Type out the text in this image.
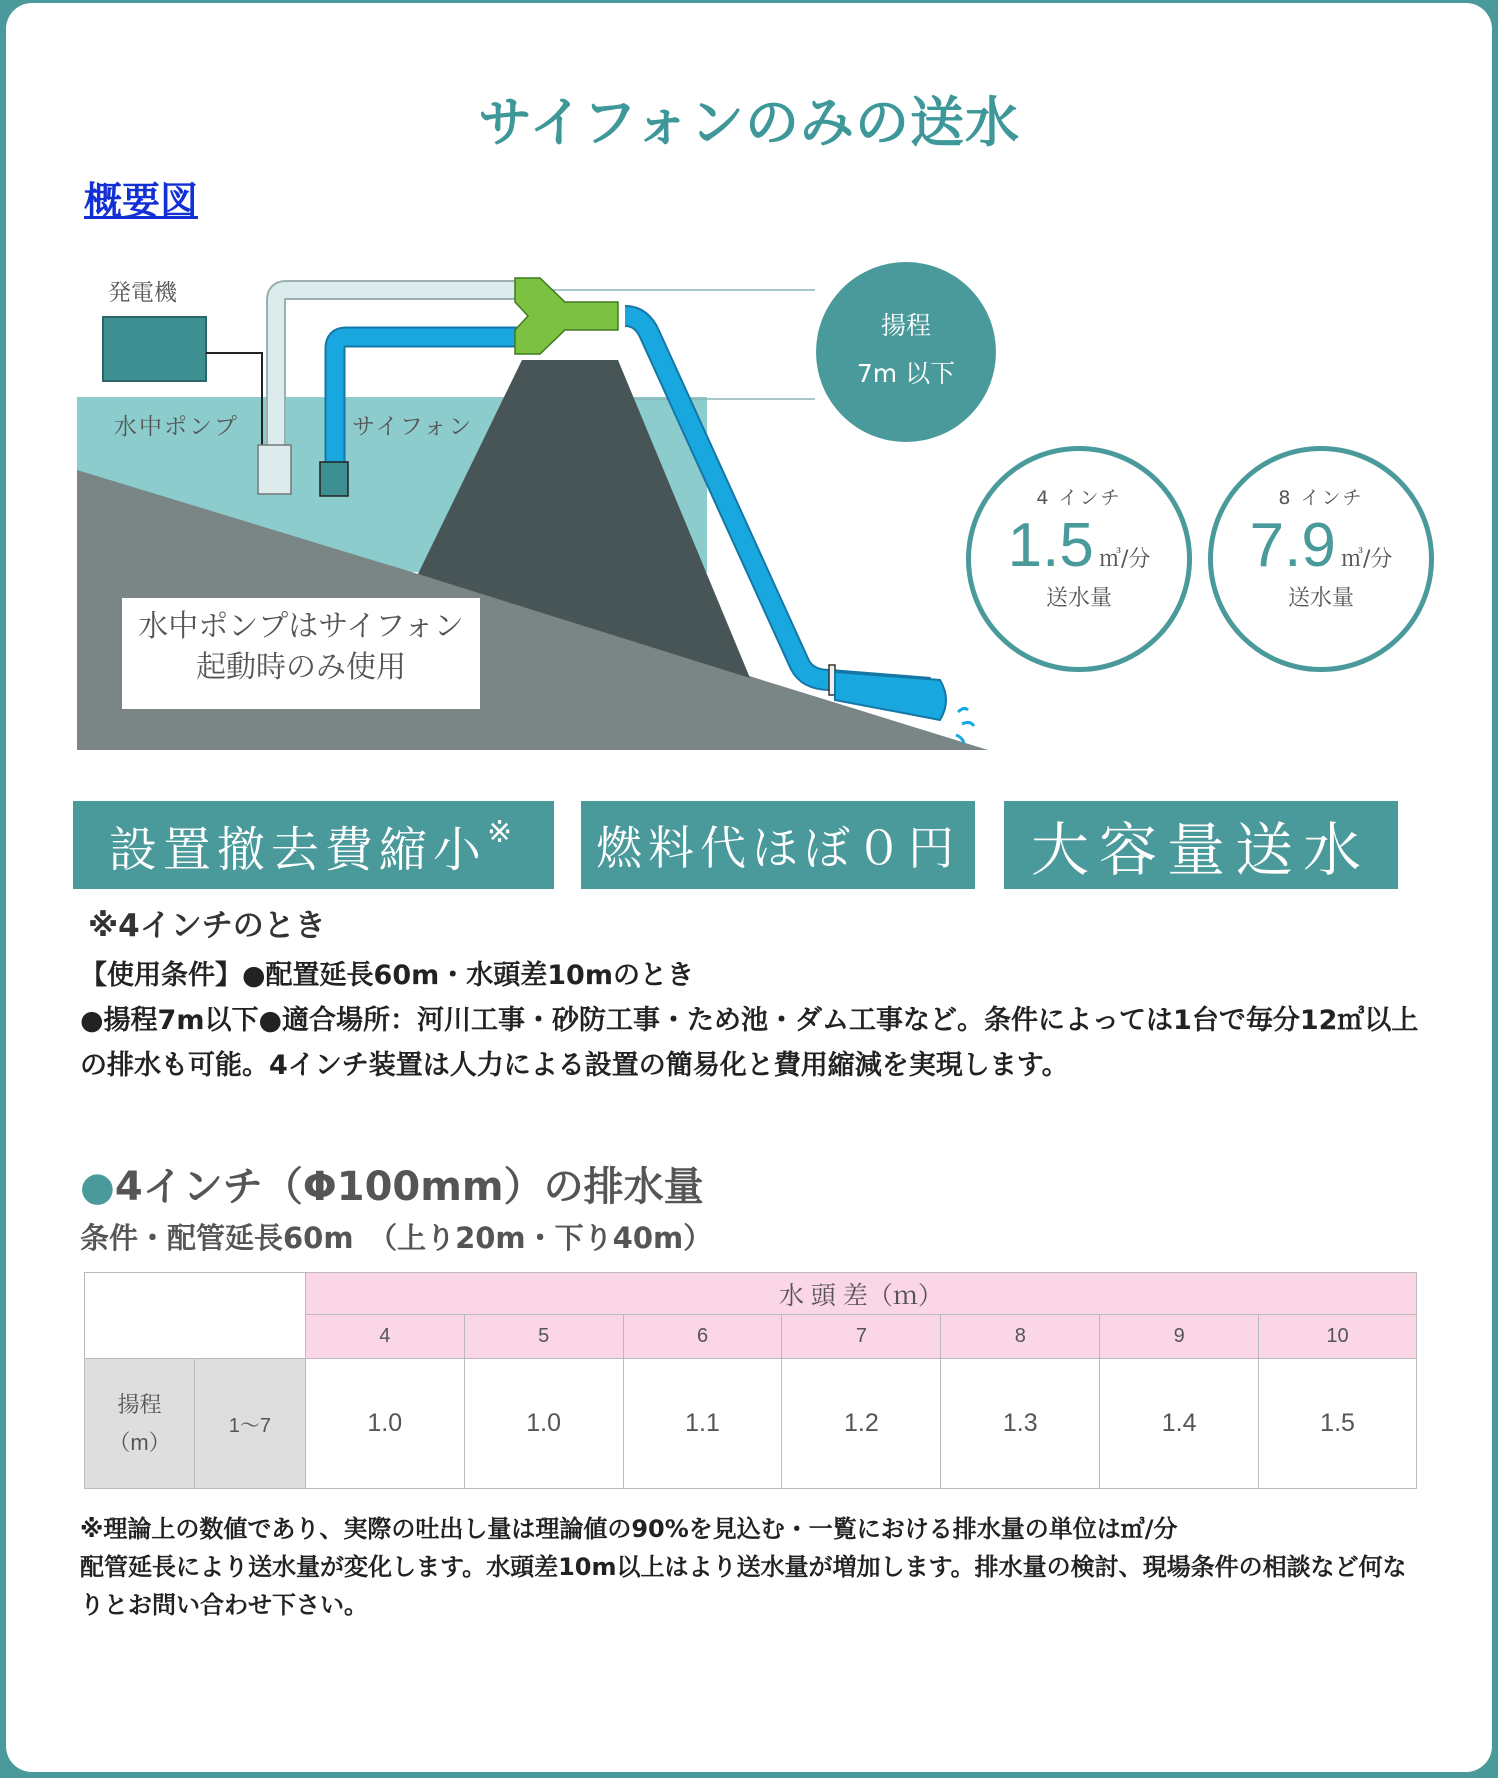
サイフォンのみの送水
概要図
発電機
水中ポンプ	サイフォン
水中ポンプはサイフォン
起動時のみ使用
揚程
7m 以下
4 インチ
1.5 ㎥/分
送水量
8 インチ
7.9 ㎥/分
送水量
設置撤去費縮小 ※	燃料代ほぼ０円	大容量送水
※4インチのとき
【使用条件】●配置延長60m・水頭差10mのとき
●揚程7m以下●適合場所：河川工事・砂防工事・ため池・ダム工事など。条件によっては1台で毎分12㎥以上の排水も可能。4インチ装置は人力による設置の簡易化と費用縮減を実現します。
●4インチ（Φ100mm）の排水量
条件・配管延長60m　（上り20m・下り40m）
		水 頭 差（ｍ）						
		4	5	6	7	8	9	10

揚程
（m）	1～7	1.0	1.0	1.1	1.2	1.3	1.4	1.5
※理論上の数値であり、実際の吐出し量は理論値の90%を見込む・一覧における排水量の単位は㎥/分
配管延長により送水量が変化します。水頭差10m以上はより送水量が増加します。排水量の検討、現場条件の相談など何なりとお問い合わせ下さい。
